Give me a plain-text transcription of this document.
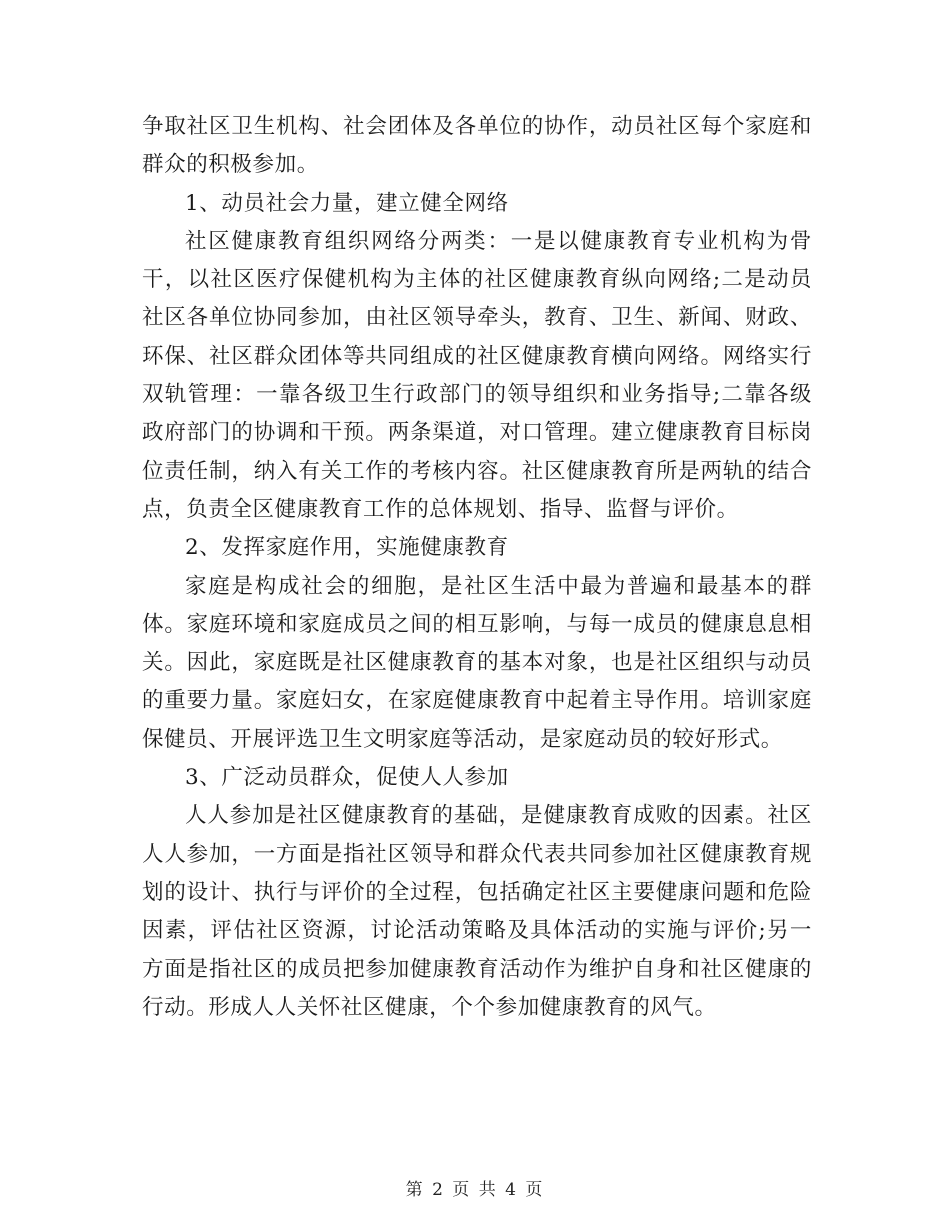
争取社区卫生机构、社会团体及各单位的协作，动员社区每个家庭和群众的积极参加。

1、动员社会力量，建立健全网络

社区健康教育组织网络分两类：一是以健康教育专业机构为骨干，以社区医疗保健机构为主体的社区健康教育纵向网络;二是动员社区各单位协同参加，由社区领导牵头，教育、卫生、新闻、财政、环保、社区群众团体等共同组成的社区健康教育横向网络。网络实行双轨管理：一靠各级卫生行政部门的领导组织和业务指导;二靠各级政府部门的协调和干预。两条渠道，对口管理。建立健康教育目标岗位责任制，纳入有关工作的考核内容。社区健康教育所是两轨的结合点，负责全区健康教育工作的总体规划、指导、监督与评价。

2、发挥家庭作用，实施健康教育

家庭是构成社会的细胞，是社区生活中最为普遍和最基本的群体。家庭环境和家庭成员之间的相互影响，与每一成员的健康息息相关。因此，家庭既是社区健康教育的基本对象，也是社区组织与动员的重要力量。家庭妇女，在家庭健康教育中起着主导作用。培训家庭保健员、开展评选卫生文明家庭等活动，是家庭动员的较好形式。

3、广泛动员群众，促使人人参加

人人参加是社区健康教育的基础，是健康教育成败的因素。社区人人参加，一方面是指社区领导和群众代表共同参加社区健康教育规划的设计、执行与评价的全过程，包括确定社区主要健康问题和危险因素，评估社区资源，讨论活动策略及具体活动的实施与评价;另一方面是指社区的成员把参加健康教育活动作为维护自身和社区健康的行动。形成人人关怀社区健康，个个参加健康教育的风气。

第 2 页 共 4 页
